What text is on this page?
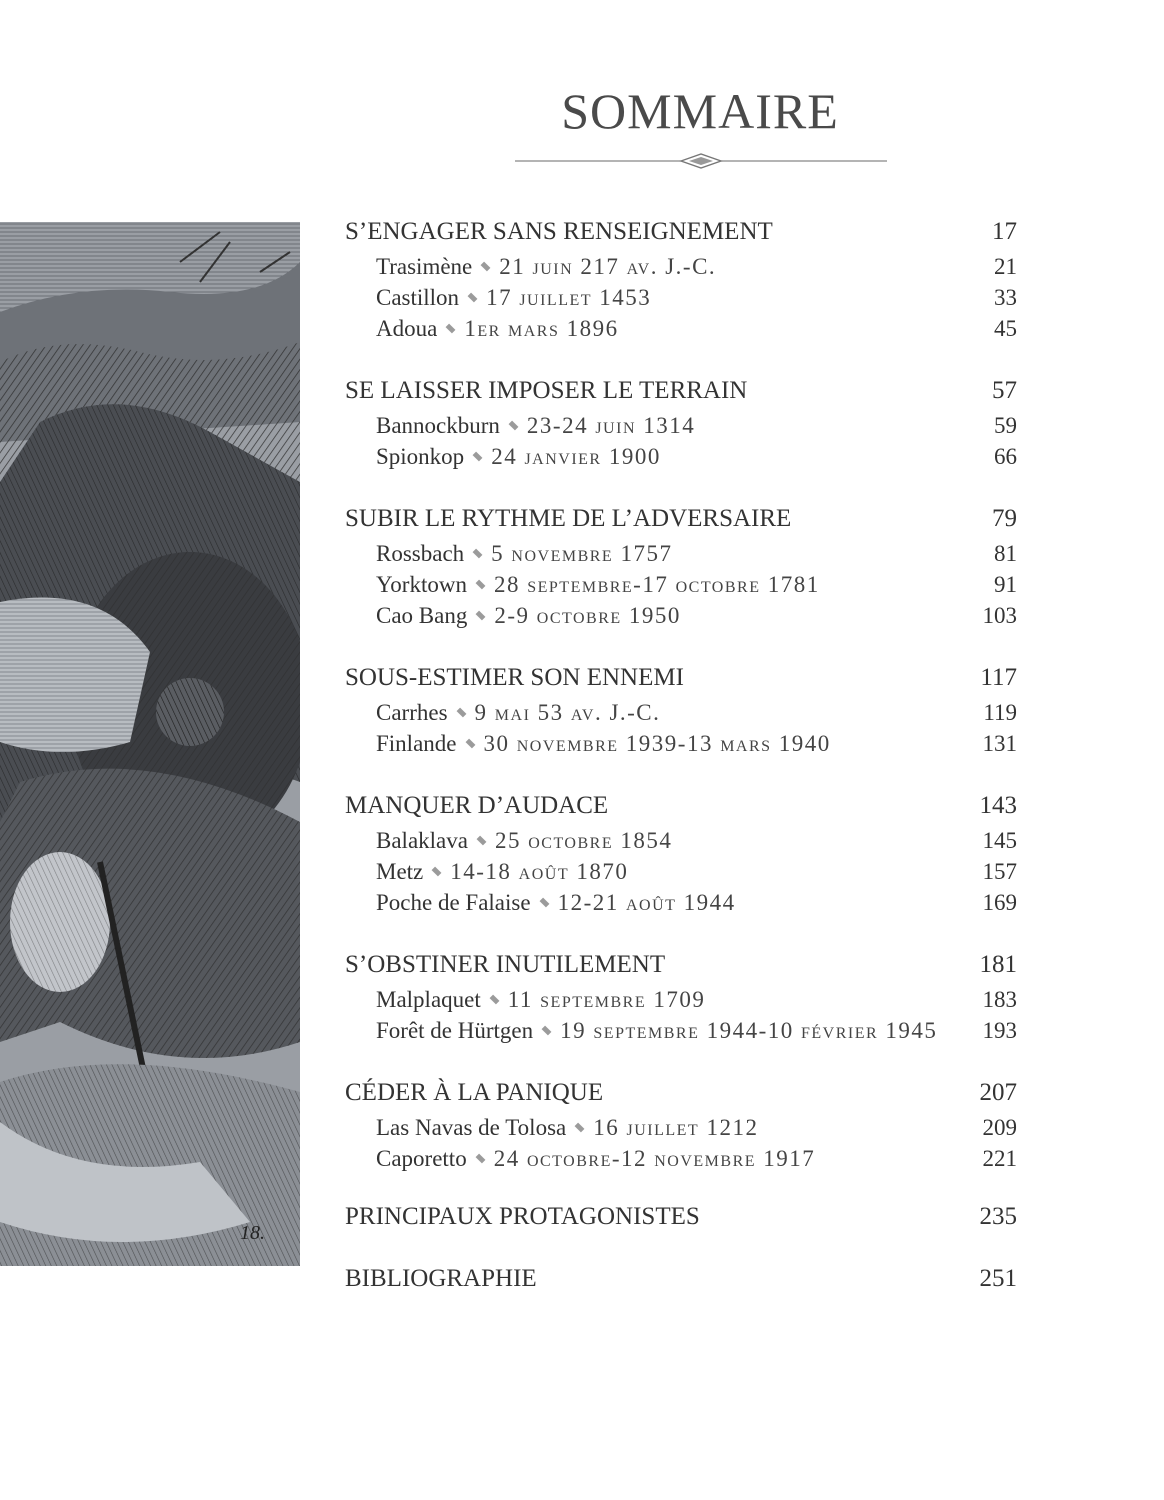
SOMMAIRE
18.
S’ENGAGER SANS RENSEIGNEMENT	17
Trasimène 21 juin 217 av. J.-C.	21
Castillon 17 juillet 1453	33
Adoua 1er mars 1896	45
SE LAISSER IMPOSER LE TERRAIN	57
Bannockburn 23-24 juin 1314	59
Spionkop 24 janvier 1900	66
SUBIR LE RYTHME DE L’ADVERSAIRE	79
Rossbach 5 novembre 1757	81
Yorktown 28 septembre-17 octobre 1781	91
Cao Bang 2-9 octobre 1950	103
SOUS-ESTIMER SON ENNEMI	117
Carrhes 9 mai 53 av. J.-C.	119
Finlande 30 novembre 1939-13 mars 1940	131
MANQUER D’AUDACE	143
Balaklava 25 octobre 1854	145
Metz 14-18 août 1870	157
Poche de Falaise 12-21 août 1944	169
S’OBSTINER INUTILEMENT	181
Malplaquet 11 septembre 1709	183
Forêt de Hürtgen 19 septembre 1944-10 février 1945 193
CÉDER À LA PANIQUE	207
Las Navas de Tolosa 16 juillet 1212	209
Caporetto 24 octobre-12 novembre 1917	221
PRINCIPAUX PROTAGONISTES	235
BIBLIOGRAPHIE	251
